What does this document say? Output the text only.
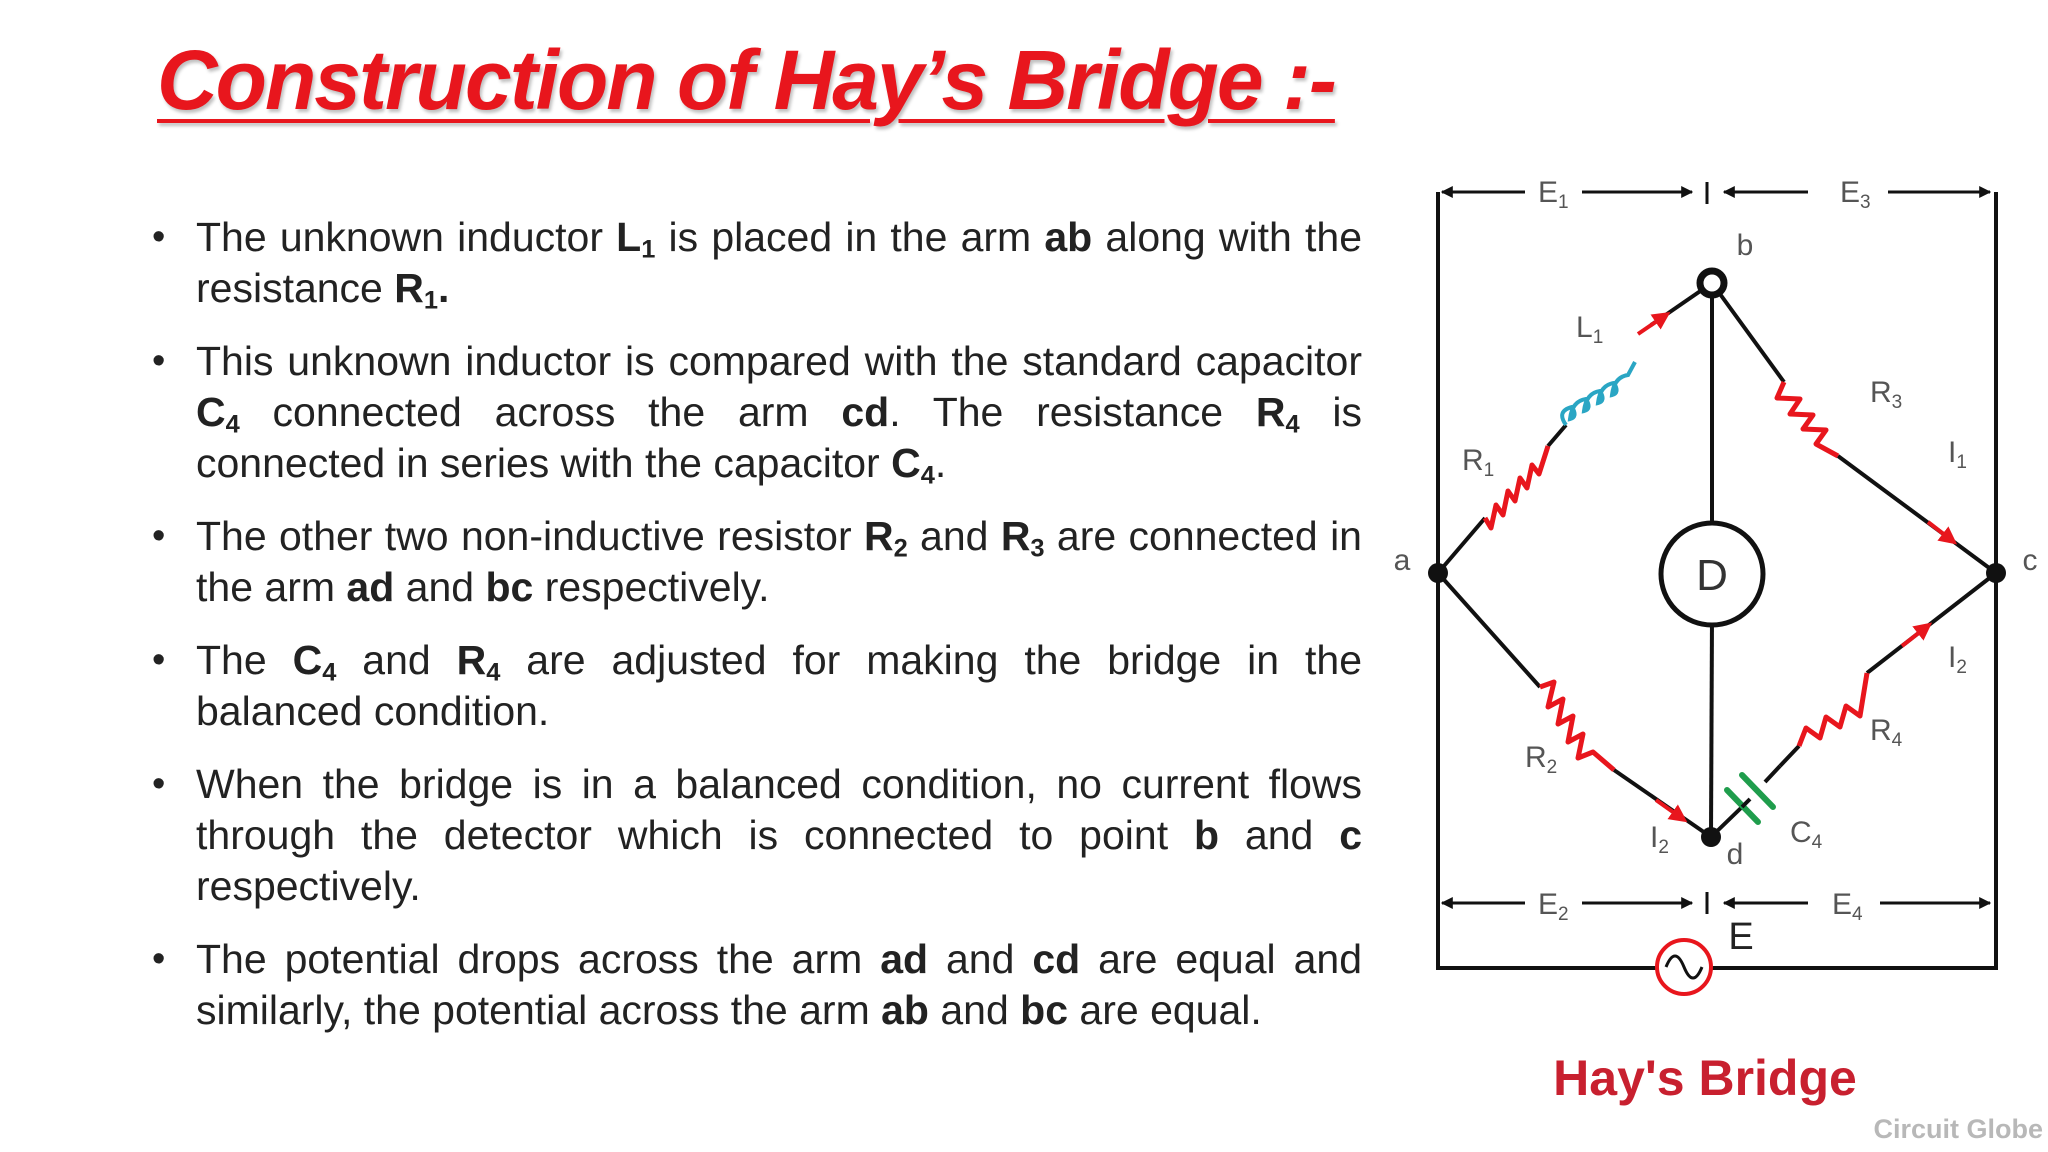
Construction of Hay’s Bridge :-
• The unknown inductor $L_1$ is placed in the arm ab along with the resistance $R_1$.
• This unknown inductor is compared with the standard capacitor $C_4$ connected across the arm cd. The resistance $R_4$ is connected in series with the capacitor $C_4$.
• The other two non-inductive resistor $R_2$ and $R_3$ are connected in the arm ad and bc respectively.
• The $C_4$ and $R_4$ are adjusted for making the bridge in the balanced condition.
• When the bridge is in a balanced condition, no current flows through the detector which is connected to point b and c respectively.
• The potential drops across the arm ad and cd are equal and similarly, the potential across the arm ab and bc are equal.
D
E
a
b
c
d
$R_1$
$L_1$
$R_3$
$R_2$
$R_4$
$C_4$
$I_1$
$I_2$
$I_2$
$E_1$	$E_3$
$E_2$	$E_4$
Hay's Bridge
Circuit Globe
